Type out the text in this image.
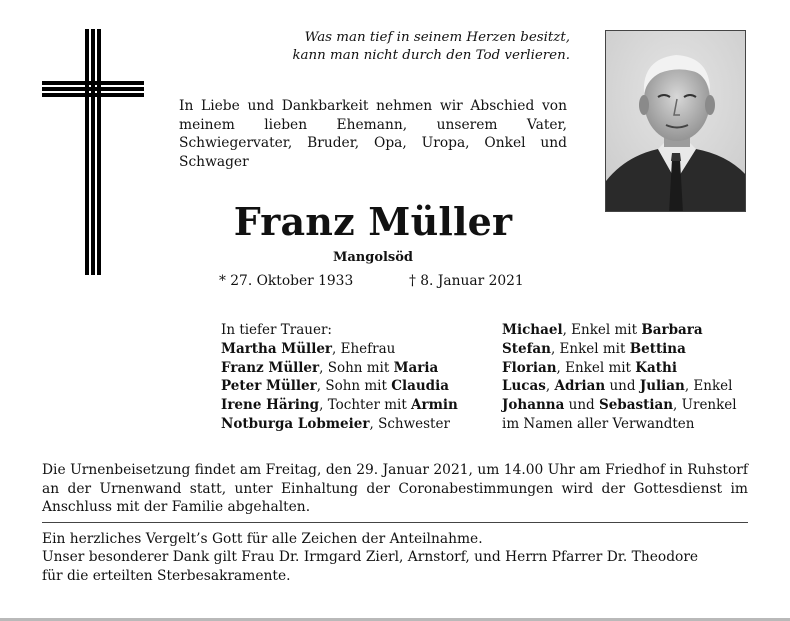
Was man tief in seinem Herzen besitzt,
kann man nicht durch den Tod verlieren.
In Liebe und Dankbarkeit nehmen wir Abschied von meinem lieben Ehemann, unserem Vater, Schwiegervater, Bruder, Opa, Uropa, Onkel und Schwager
Franz Müller
Mangolsöd
* 27. Oktober 1933	† 8. Januar 2021
In tiefer Trauer:
Martha Müller, Ehefrau
Franz Müller, Sohn mit Maria
Peter Müller, Sohn mit Claudia
Irene Häring, Tochter mit Armin
Notburga Lobmeier, Schwester
Michael, Enkel mit Barbara
Stefan, Enkel mit Bettina
Florian, Enkel mit Kathi
Lucas, Adrian und Julian, Enkel
Johanna und Sebastian, Urenkel
im Namen aller Verwandten
Die Urnenbeisetzung findet am Freitag, den 29. Januar 2021, um 14.00 Uhr am Friedhof in Ruhstorf an der Urnenwand statt, unter Einhaltung der Coronabestimmungen wird der Gottesdienst im Anschluss mit der Familie abgehalten.
Ein herzliches Vergelt’s Gott für alle Zeichen der Anteilnahme.
Unser besonderer Dank gilt Frau Dr. Irmgard Zierl, Arnstorf, und Herrn Pfarrer Dr. Theodore
für die erteilten Sterbesakramente.
